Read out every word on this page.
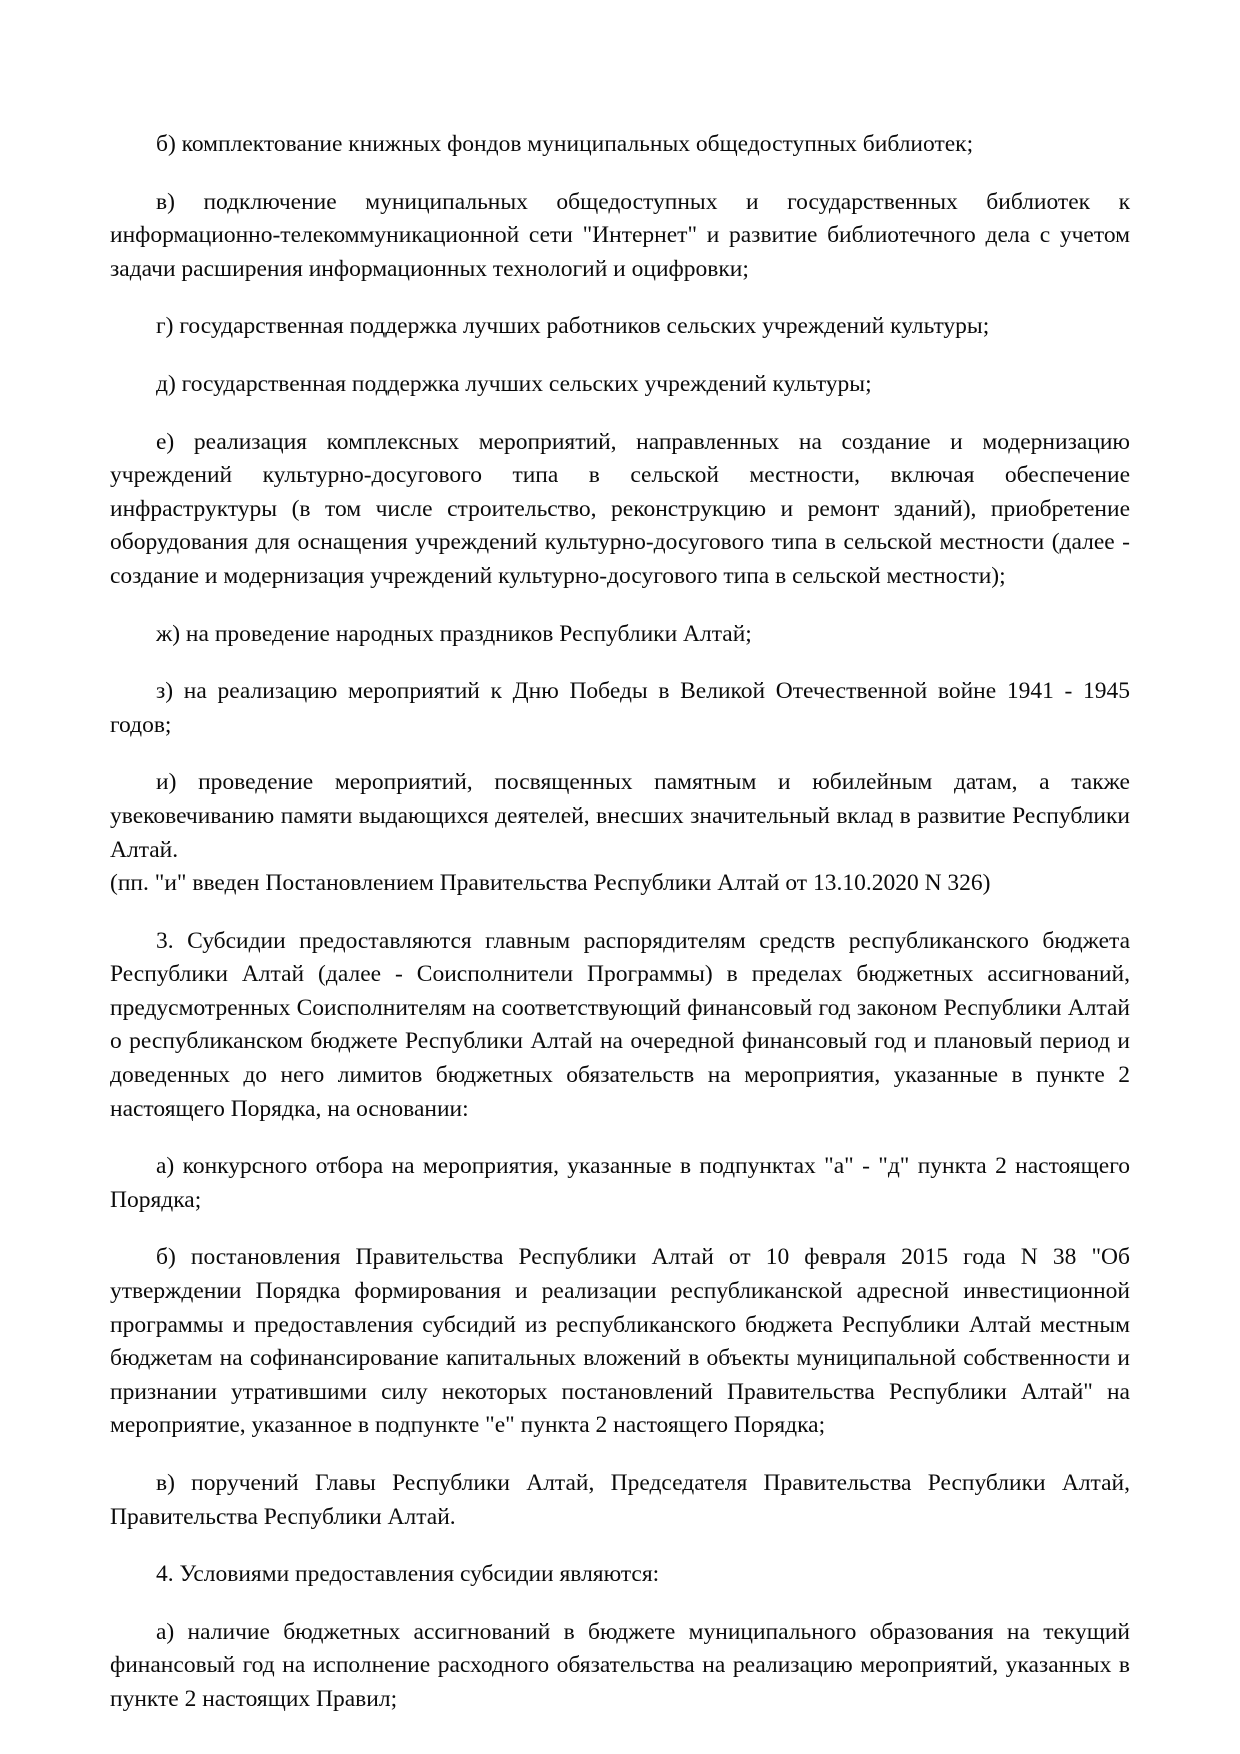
б) комплектование книжных фондов муниципальных общедоступных библиотек;

в) подключение муниципальных общедоступных и государственных библиотек к информационно-телекоммуникационной сети "Интернет" и развитие библиотечного дела с учетом задачи расширения информационных технологий и оцифровки;

г) государственная поддержка лучших работников сельских учреждений культуры;

д) государственная поддержка лучших сельских учреждений культуры;

е) реализация комплексных мероприятий, направленных на создание и модернизацию учреждений культурно-досугового типа в сельской местности, включая обеспечение инфраструктуры (в том числе строительство, реконструкцию и ремонт зданий), приобретение оборудования для оснащения учреждений культурно-досугового типа в сельской местности (далее - создание и модернизация учреждений культурно-досугового типа в сельской местности);

ж) на проведение народных праздников Республики Алтай;

з) на реализацию мероприятий к Дню Победы в Великой Отечественной войне 1941 - 1945 годов;

и) проведение мероприятий, посвященных памятным и юбилейным датам, а также увековечиванию памяти выдающихся деятелей, внесших значительный вклад в развитие Республики Алтай.

(пп. "и" введен Постановлением Правительства Республики Алтай от 13.10.2020 N 326)

3. Субсидии предоставляются главным распорядителям средств республиканского бюджета Республики Алтай (далее - Соисполнители Программы) в пределах бюджетных ассигнований, предусмотренных Соисполнителям на соответствующий финансовый год законом Республики Алтай о республиканском бюджете Республики Алтай на очередной финансовый год и плановый период и доведенных до него лимитов бюджетных обязательств на мероприятия, указанные в пункте 2 настоящего Порядка, на основании:

а) конкурсного отбора на мероприятия, указанные в подпунктах "а" - "д" пункта 2 настоящего Порядка;

б) постановления Правительства Республики Алтай от 10 февраля 2015 года N 38 "Об утверждении Порядка формирования и реализации республиканской адресной инвестиционной программы и предоставления субсидий из республиканского бюджета Республики Алтай местным бюджетам на софинансирование капитальных вложений в объекты муниципальной собственности и признании утратившими силу некоторых постановлений Правительства Республики Алтай" на мероприятие, указанное в подпункте "е" пункта 2 настоящего Порядка;

в) поручений Главы Республики Алтай, Председателя Правительства Республики Алтай, Правительства Республики Алтай.

4. Условиями предоставления субсидии являются:

а) наличие бюджетных ассигнований в бюджете муниципального образования на текущий финансовый год на исполнение расходного обязательства на реализацию мероприятий, указанных в пункте 2 настоящих Правил;
